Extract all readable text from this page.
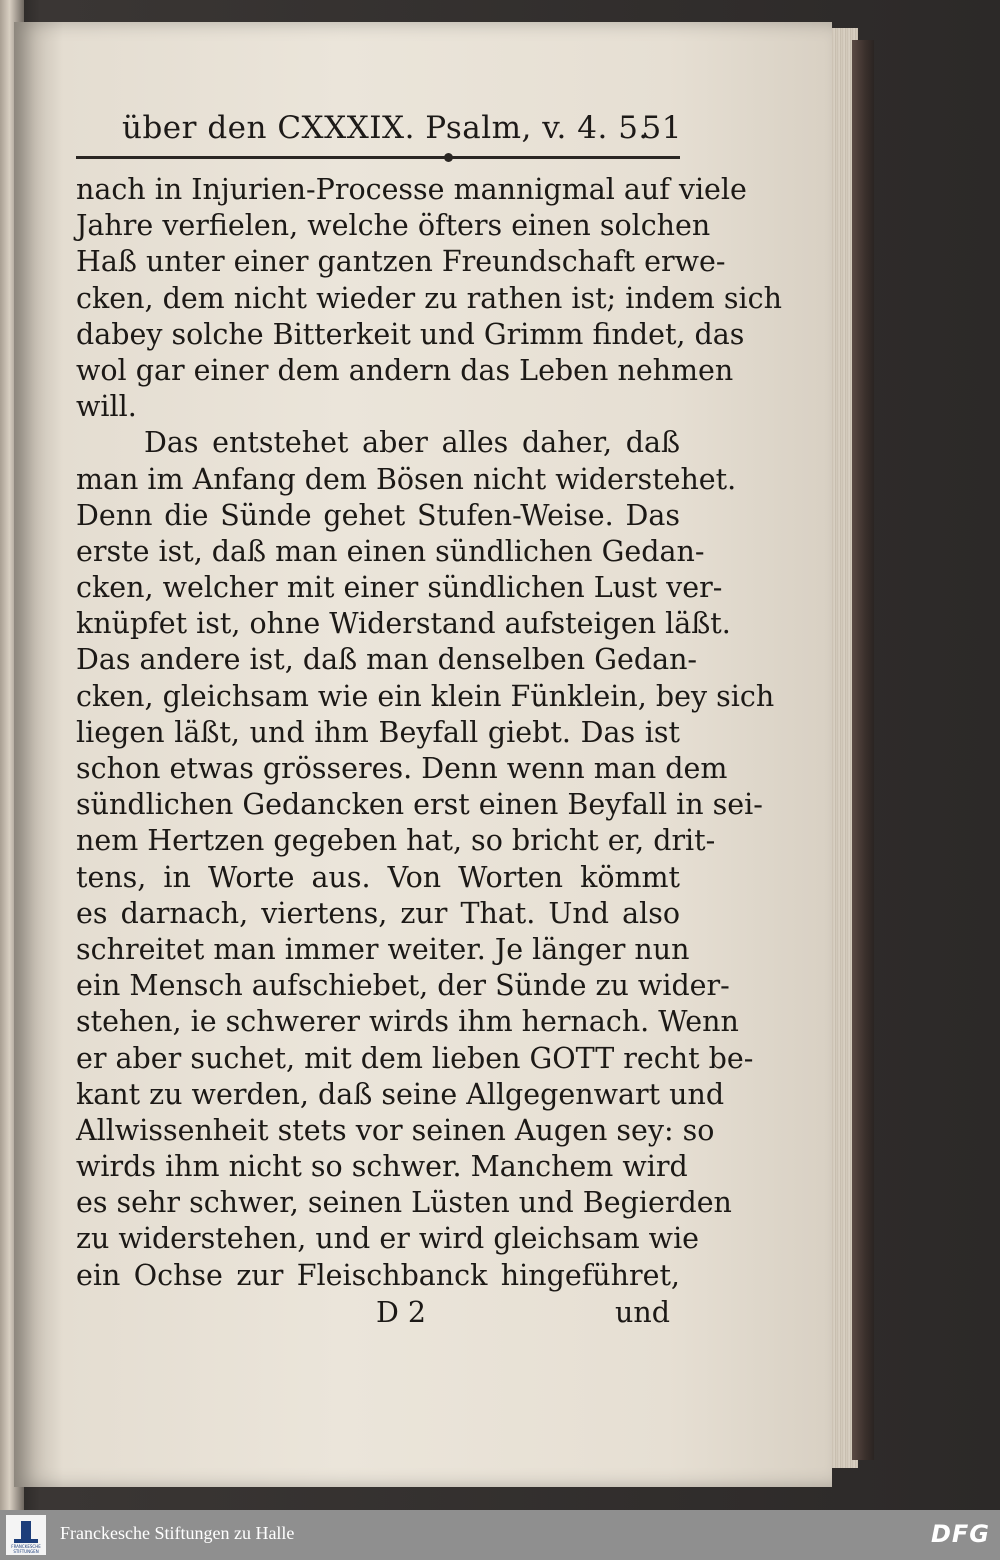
über den CXXXIX. Psalm, v. 4. 5.
51
nach in Injurien-Processe mannigmal auf viele
Jahre verfielen, welche öfters einen solchen
Haß unter einer gantzen Freundschaft erwe-
cken, dem nicht wieder zu rathen ist; indem sich
dabey solche Bitterkeit und Grimm findet, das
wol gar einer dem andern das Leben nehmen
will.
Das entstehet aber alles daher, daß
man im Anfang dem Bösen nicht widerstehet.
Denn die Sünde gehet Stufen-Weise. Das
erste ist, daß man einen sündlichen Gedan-
cken, welcher mit einer sündlichen Lust ver-
knüpfet ist, ohne Widerstand aufsteigen läßt.
Das andere ist, daß man denselben Gedan-
cken, gleichsam wie ein klein Fünklein, bey sich
liegen läßt, und ihm Beyfall giebt. Das ist
schon etwas grösseres. Denn wenn man dem
sündlichen Gedancken erst einen Beyfall in sei-
nem Hertzen gegeben hat, so bricht er, drit-
tens, in Worte aus. Von Worten kömmt
es darnach, viertens, zur That. Und also
schreitet man immer weiter. Je länger nun
ein Mensch aufschiebet, der Sünde zu wider-
stehen, ie schwerer wirds ihm hernach. Wenn
er aber suchet, mit dem lieben GOTT recht be-
kant zu werden, daß seine Allgegenwart und
Allwissenheit stets vor seinen Augen sey: so
wirds ihm nicht so schwer. Manchem wird
es sehr schwer, seinen Lüsten und Begierden
zu widerstehen, und er wird gleichsam wie
ein Ochse zur Fleischbanck hingeführet,
D 2	und
FRANCKESCHE STIFTUNGEN
Franckesche Stiftungen zu Halle	DFG
